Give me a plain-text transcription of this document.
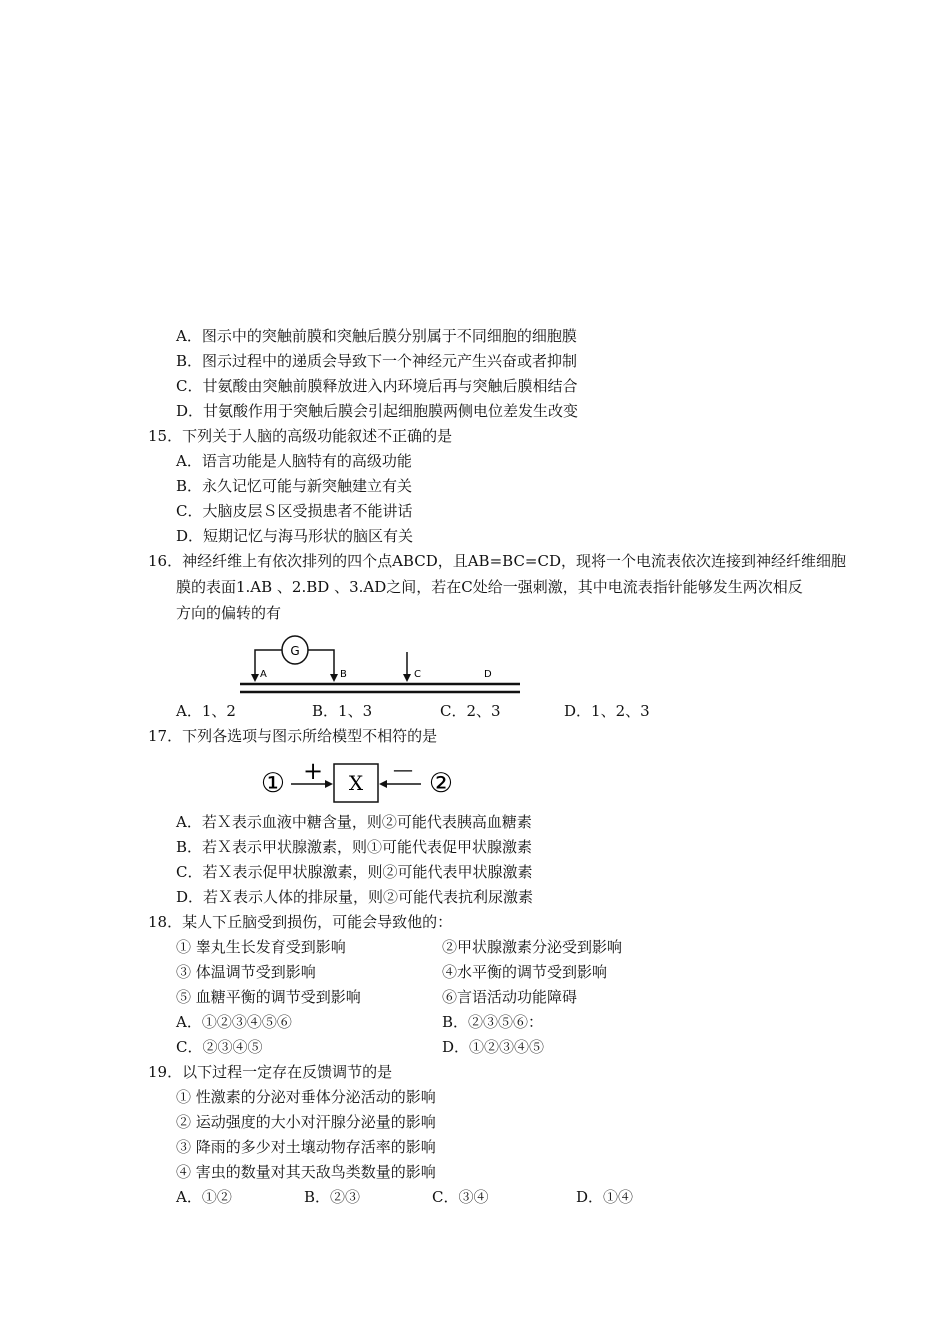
A．图示中的突触前膜和突触后膜分别属于不同细胞的细胞膜
B．图示过程中的递质会导致下一个神经元产生兴奋或者抑制
C．甘氨酸由突触前膜释放进入内环境后再与突触后膜相结合
D．甘氨酸作用于突触后膜会引起细胞膜两侧电位差发生改变
15．下列关于人脑的高级功能叙述不正确的是
A．语言功能是人脑特有的高级功能
B．永久记忆可能与新突触建立有关
C．大脑皮层Ｓ区受损患者不能讲话
D．短期记忆与海马形状的脑区有关
16．神经纤维上有依次排列的四个点ABCD，且AB=BC=CD，现将一个电流表依次连接到神经纤维细胞
膜的表面1.AB 、2.BD 、3.AD之间，若在C处给一强刺激，其中电流表指针能够发生两次相反
方向的偏转的有
G
A	B	C	D
A．1、2	B．1、3	C．2、3	D．1、2、3
17．下列各选项与图示所给模型不相符的是
① + X
— ②
A．若Ｘ表示血液中糖含量，则②可能代表胰高血糖素
B．若Ｘ表示甲状腺激素，则①可能代表促甲状腺激素
C．若Ｘ表示促甲状腺激素，则②可能代表甲状腺激素
D．若Ｘ表示人体的排尿量，则②可能代表抗利尿激素
18．某人下丘脑受到损伤，可能会导致他的：
① 睾丸生长发育受到影响	②甲状腺激素分泌受到影响
③ 体温调节受到影响	④水平衡的调节受到影响
⑤ 血糖平衡的调节受到影响	⑥言语活动功能障碍
A．①②③④⑤⑥	B．②③⑤⑥：
C．②③④⑤	D．①②③④⑤
19．以下过程一定存在反馈调节的是
① 性激素的分泌对垂体分泌活动的影响
② 运动强度的大小对汗腺分泌量的影响
③ 降雨的多少对土壤动物存活率的影响
④ 害虫的数量对其天敌鸟类数量的影响
A．①②	B．②③	C．③④	D．①④
